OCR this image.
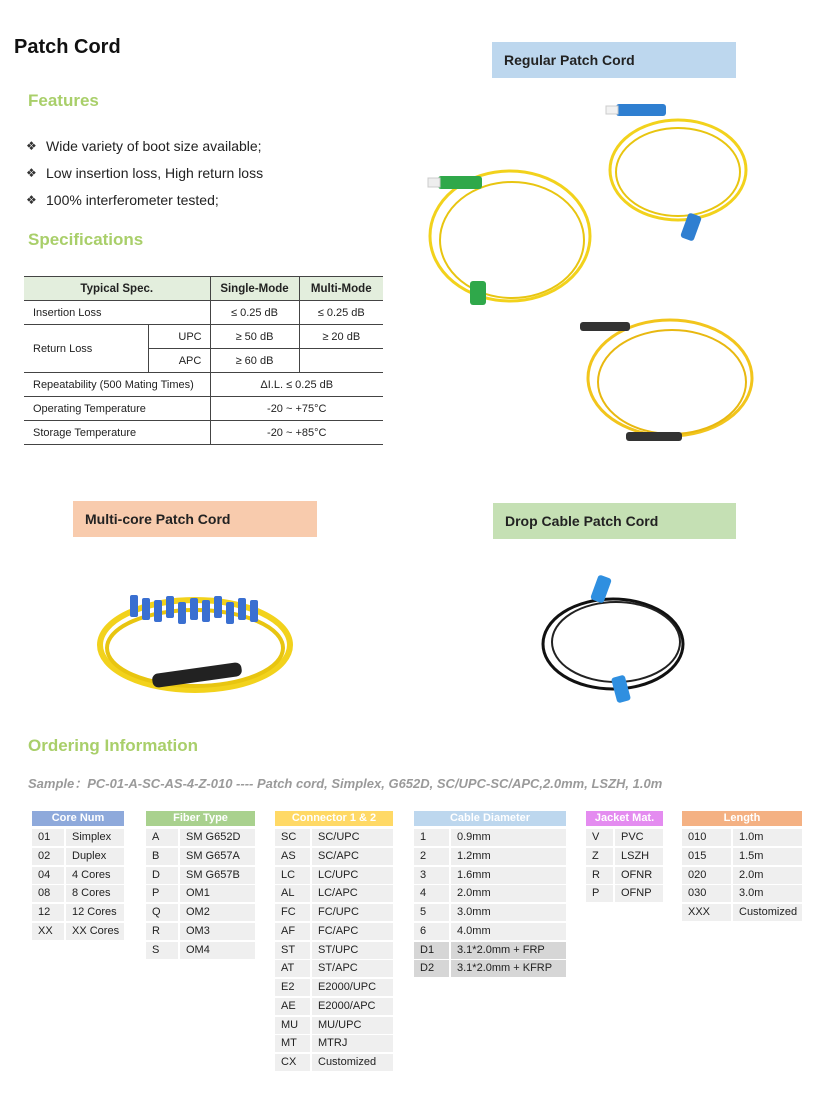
Patch Cord
Features
❖ Wide variety of boot size available;
❖ Low insertion loss, High return loss
❖ 100% interferometer tested;
Specifications
Typical Spec.		Single-Mode	Multi-Mode
Insertion Loss		≤ 0.25 dB	≤ 0.25 dB
Return Loss	UPC	≥ 50 dB	≥ 20 dB
	APC	≥ 60 dB	
Repeatability (500 Mating Times)		ΔI.L. ≤ 0.25 dB	
Operating Temperature		-20 ~ +75°C	
Storage Temperature		-20 ~ +85°C	
Regular Patch Cord
Multi-core Patch Cord	Drop Cable Patch Cord
Ordering Information
Sample：PC-01-A-SC-AS-4-Z-010 ---- Patch cord, Simplex, G652D, SC/UPC-SC/APC,2.0mm, LSZH, 1.0m
Core Num
01	Simplex
02	Duplex
04	4 Cores
08	8 Cores
12	12 Cores
XX	XX Cores
Fiber Type
A	SM G652D
B	SM G657A
D	SM G657B
P	OM1
Q	OM2
R	OM3
S	OM4
Connector 1 & 2
SC	SC/UPC
AS	SC/APC
LC	LC/UPC
AL	LC/APC
FC	FC/UPC
AF	FC/APC
ST	ST/UPC
AT	ST/APC
E2	E2000/UPC
AE	E2000/APC
MU	MU/UPC
MT	MTRJ
CX	Customized
Cable Diameter
1	0.9mm
2	1.2mm
3	1.6mm
4	2.0mm
5	3.0mm
6	4.0mm
D1	3.1*2.0mm + FRP
D2	3.1*2.0mm + KFRP
Jacket Mat.
V	PVC
Z	LSZH
R	OFNR
P	OFNP
Length
010	1.0m
015	1.5m
020	2.0m
030	3.0m
XXX	Customized
